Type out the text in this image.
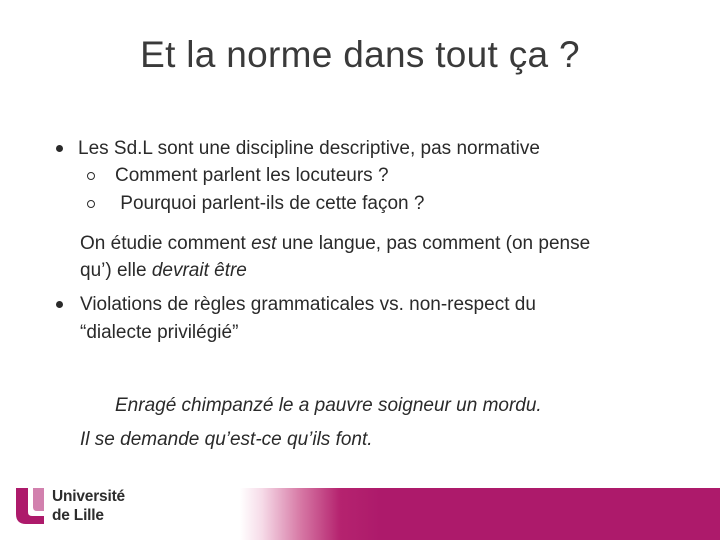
Et la norme dans tout ça ?
Les Sd.L sont une discipline descriptive, pas normative
Comment parlent les locuteurs ?
Pourquoi parlent-ils de cette façon ?
On étudie comment est une langue, pas comment (on pense
qu’) elle devrait être
Violations de règles grammaticales vs. non-respect du
“dialecte privilégié”
Enragé chimpanzé le a pauvre soigneur un mordu.
Il se demande qu’est-ce qu’ils font.
Université
de Lille
